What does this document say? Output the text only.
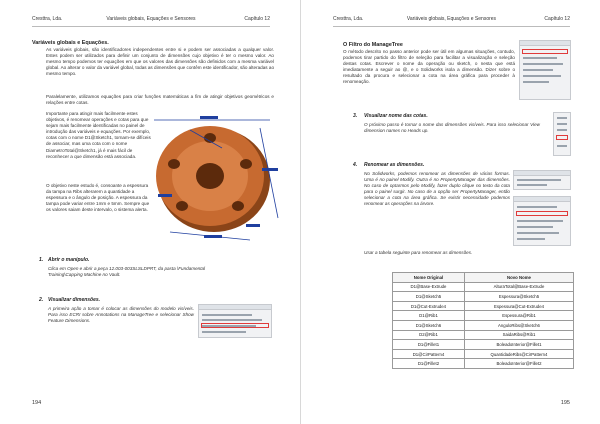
Cresttra, Lda.	Variáveis globais, Equações e Sensores	Capítulo 12
Variáveis globais e Equações.
As variáveis globais, são identificadores independentes entre si e podem ser associadas a qualquer valor. Estes podem ser utilizados para definir um conjunto de dimensões cujo objetivo é ter o mesmo valor. Ao mesmo tempo podemos ter equações em que os valores das dimensões são definidos com a mesma variável global. Ao alterar o valor da variável global, todas as dimensões que contêm este identificador, são alteradas ao mesmo tempo.
Paralelamente, utilizamos equações para criar funções matemáticas a fim de atingir objetivos geométricos e relações entre cotas.
Importante para atingir mais facilmente estes objetivos, é renomear operações e cotas para que sejam mais facilmente identificadas no painel de introdução das variáveis e equações. Por exemplo, cotas com o nome D1@Sketch1, tornam-se difíceis de associar, mas uma cota com o nome DiametroTotal@Sketch1, já é mais fácil de reconhecer a que dimensão está associada.
O objetivo neste estudo é, consoante a espessura da tampa na Ribs alterarem a quantidade a espessura e o ângulo de posição. A espessura da tampa pode variar entre 1mm e 5mm. Sempre que os valores saiam deste intervalo, o sistema alerta.
1. Abrir o manípulo.
Clica em Open e abrir a peça 12.003-003SLSLDPRT, da pasta \Fundamental Training\Capping Machine no Vault.
2. Visualizar dimensões.
A primeira ação a tomar é colocar as dimensões do modelo visíveis. Para isso ECRI sobre Annotations na ManageTree e selecionar Show Feature Dimensions.
194
Cresttra, Lda.	Variáveis globais, Equações e Sensores	Capítulo 12
O Filtro do ManageTree
O método descrito no passo anterior pode ser útil em algumas situações, contudo, podemos tirar partido do filtro de seleção para facilitar a visualização e seleção destas cotas. Escrever o nome da operação ou sketch, o nesta que está imediatamente a seguir ao @, e o Solidworks isola a dimensão. Dizer sobre o resultado da procura e selecionar a cota na área gráfica para proceder à renomeação.
3. Visualizar nome das cotas.
O próximo passo é tornar o nome das dimensões visíveis. Para isso selecionar View dimension names no Heads up.
4. Renomear as dimensões.
No Solidworks, podemos renomear as dimensões de várias formas. Uma é no painel Modify. Outra é no PropertyManager das dimensões. No caso de optarmos pelo Modify, fazer duplo clique no texto da cota para o painel surgir. No caso de a opção ser PropertyManager, então selecionar a cota na área gráfica. Se existir necessidade podemos renomear as operações na árvore.
Usar a tabela seguinte para renomear as dimensões.
195
Nome Original	Novo Nome
D1@Base-Extrude	AlturaTotal@Base-Extrude
D1@Sketch5	Espessura@Sketch5
D1@Cut-Extrude4	Espessura@Cut-Extrude4
D1@Rib1	Espessura@Rib1
D1@Sketch6	AnguloRibs@Sketch6
D2@Rib1	SaidaRibs@Rib1
D1@Fillet1	BoleadoInterior@Fillet1
D1@CirPattern4	QuantidadeRibs@CirPattern4
D1@Fillet2	BoleadoInterior@Fillet2
